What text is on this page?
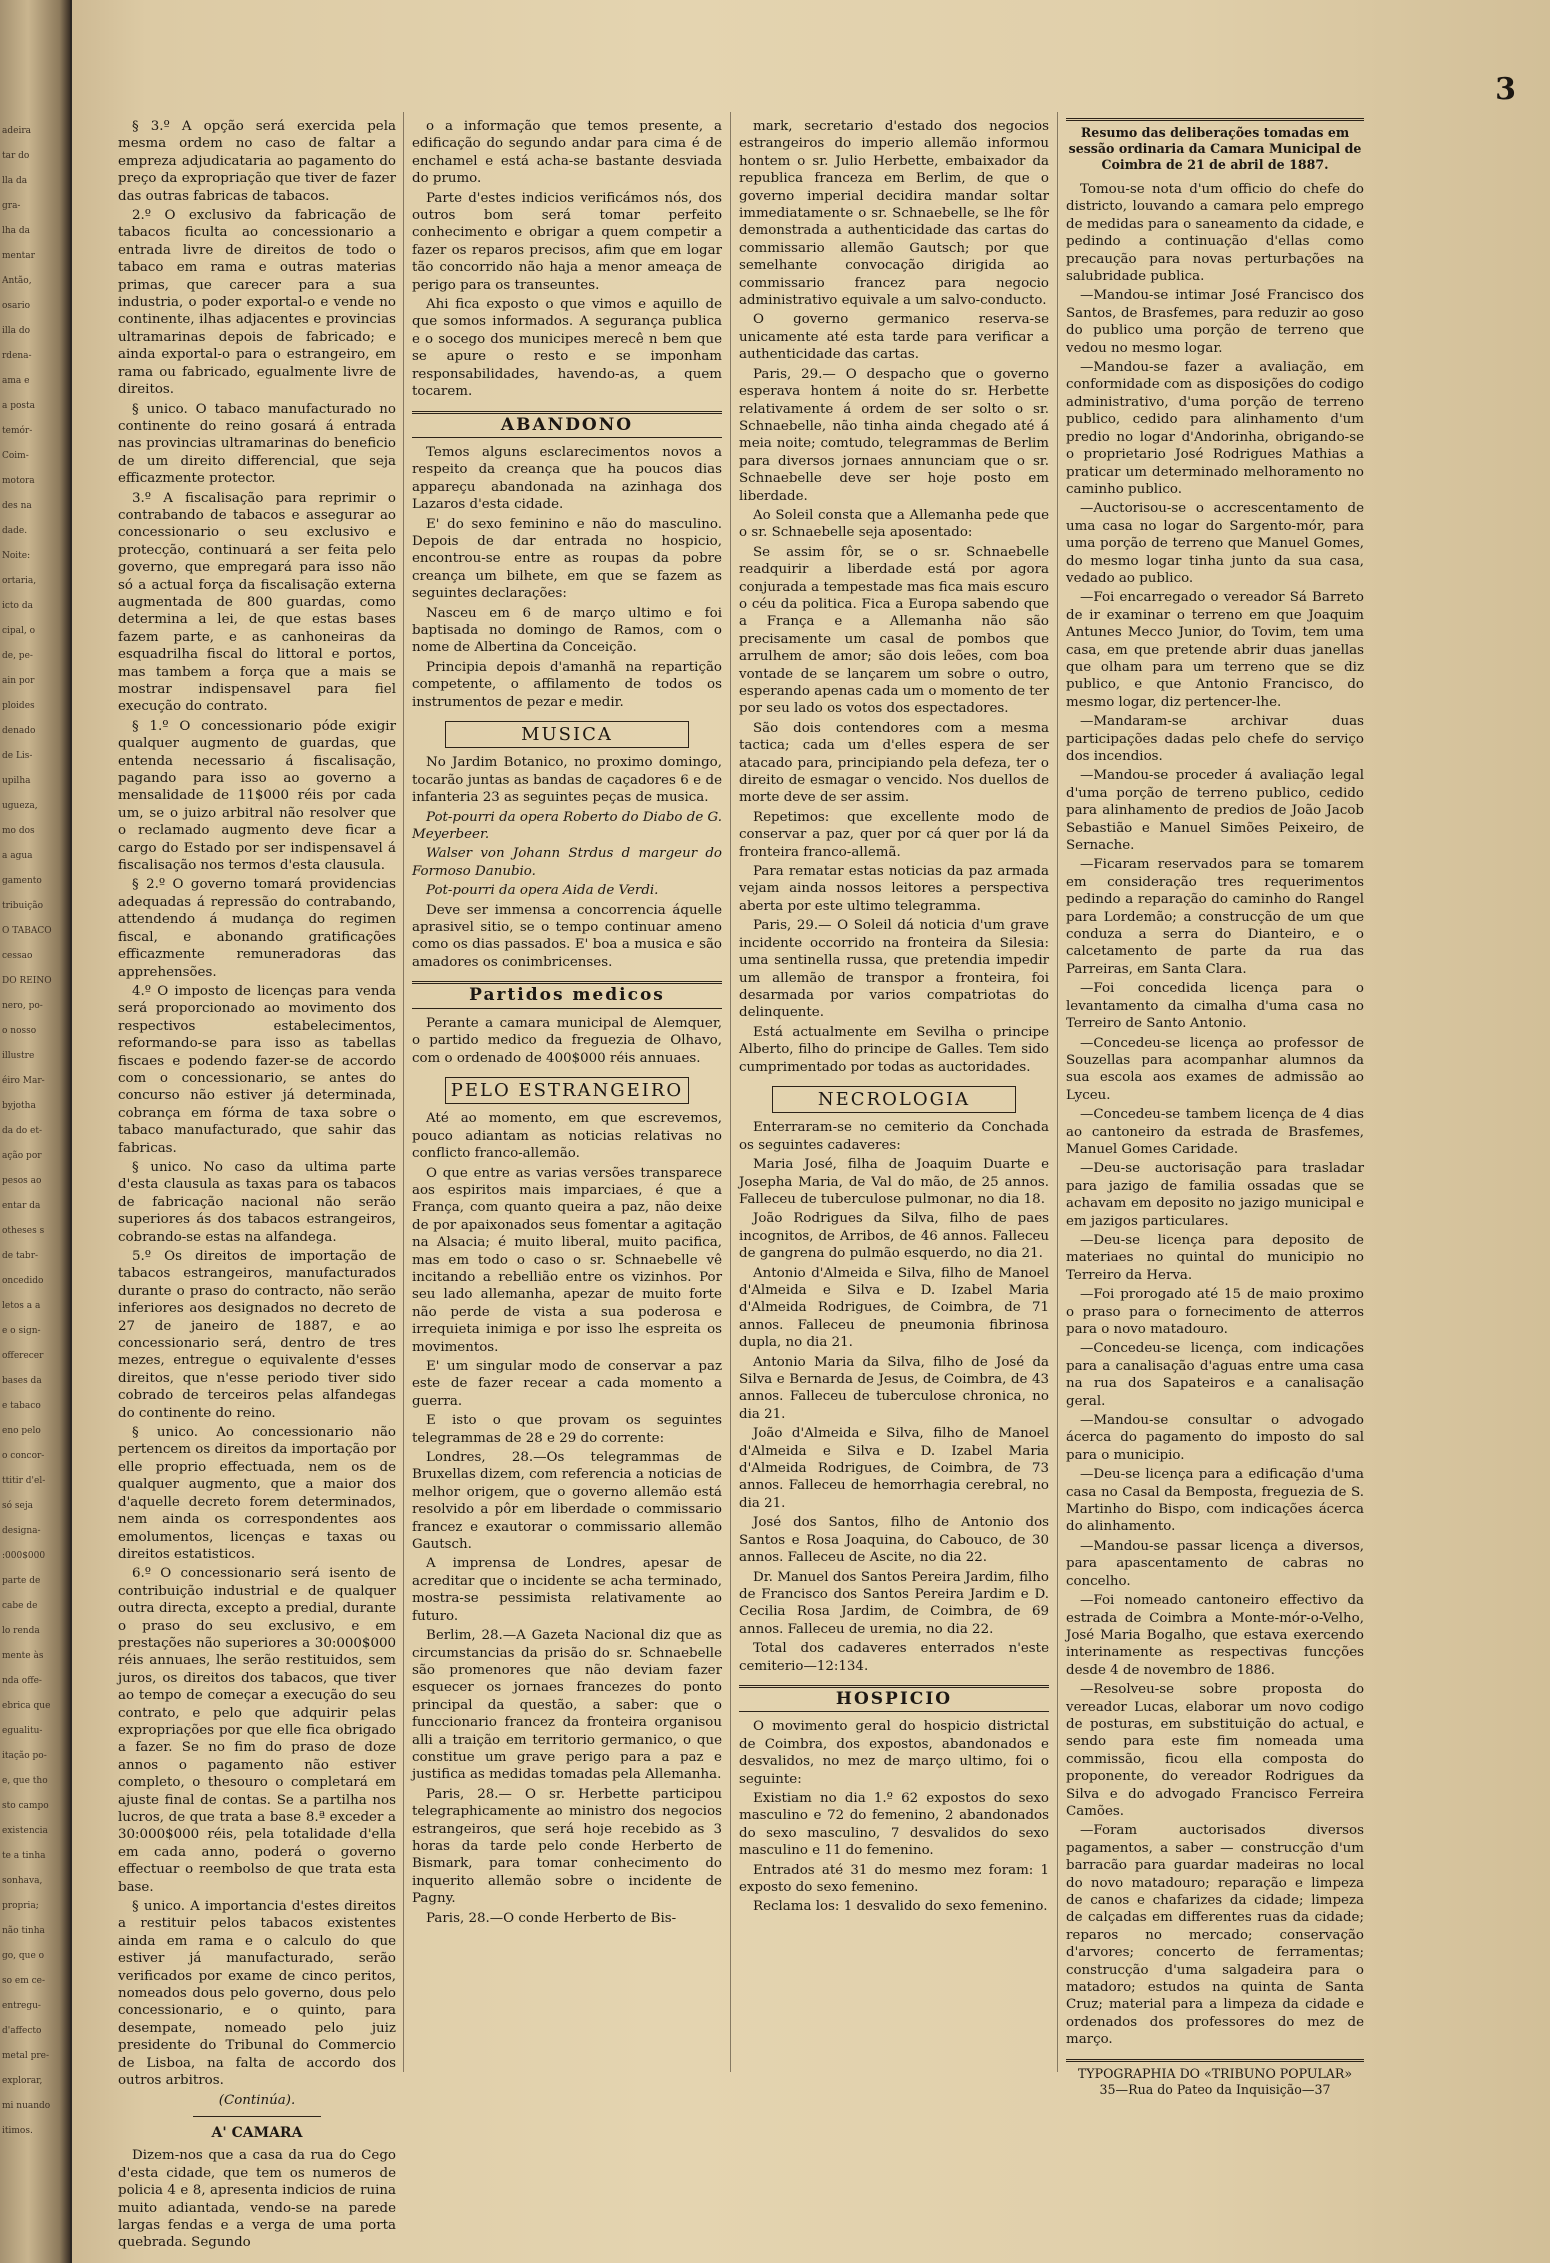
adeira
tar do
lla da
gra-
lha da
mentar
Antão,
osario
illa do
rdena-
ama e
a posta
temór-
Coim-
motora
des na
dade.
Noite:
ortaria,
icto da
cipal, o
de, pe-
ain por
ploides
denado
de Lis-
upilha
ugueza,
mo dos
a agua
gamento
tribuição
O TABACO
cessao
DO REINO
nero, po-
o nosso
illustre
éiro Mar-
byjotha
da do et-
ação por
pesos ao
entar da
otheses s
de tabr-
oncedido
letos a a
e o sign-
offerecer
bases da
e tabaco
eno pelo
o concor-
ttitir d'el-
só seja
designa-
:000$000
parte de
cabe de
lo renda
mente às
nda offe-
ebrica que
egualitu-
itação po-
e, que tho
sto campo
existencia
te a tinha
sonhava,
propria;
não tinha
go, que o
so em ce-
entregu-
d'affecto
metal pre-
explorar,
mi nuando
itimos.
3

§ 3.º A opção será exercida pela mesma ordem no caso de faltar a empreza adjudicataria ao pagamento do preço da expropriação que tiver de fazer das outras fabricas de tabacos.

2.º O exclusivo da fabricação de tabacos ficulta ao concessionario a entrada livre de direitos de todo o tabaco em rama e outras materias primas, que carecer para a sua industria, o poder exportal-o e vende no continente, ilhas adjacentes e provincias ultramarinas depois de fabricado; e ainda exportal-o para o estrangeiro, em rama ou fabricado, egualmente livre de direitos.

§ unico. O tabaco manufacturado no continente do reino gosará á entrada nas provincias ultramarinas do beneficio de um direito differencial, que seja efficazmente protector.

3.º A fiscalisação para reprimir o contrabando de tabacos e assegurar ao concessionario o seu exclusivo e protecção, continuará a ser feita pelo governo, que empregará para isso não só a actual força da fiscalisação externa augmentada de 800 guardas, como determina a lei, de que estas bases fazem parte, e as canhoneiras da esquadrilha fiscal do littoral e portos, mas tambem a força que a mais se mostrar indispensavel para fiel execução do contrato.

§ 1.º O concessionario póde exigir qualquer augmento de guardas, que entenda necessario á fiscalisação, pagando para isso ao governo a mensalidade de 11$000 réis por cada um, se o juizo arbitral não resolver que o reclamado augmento deve ficar a cargo do Estado por ser indispensavel á fiscalisação nos termos d'esta clausula.

§ 2.º O governo tomará providencias adequadas á repressão do contrabando, attendendo á mudança do regimen fiscal, e abonando gratificações efficazmente remuneradoras das apprehensões.

4.º O imposto de licenças para venda será proporcionado ao movimento dos respectivos estabelecimentos, reformando-se para isso as tabellas fiscaes e podendo fazer-se de accordo com o concessionario, se antes do concurso não estiver já determinada, cobrança em fórma de taxa sobre o tabaco manufacturado, que sahir das fabricas.

§ unico. No caso da ultima parte d'esta clausula as taxas para os tabacos de fabricação nacional não serão superiores ás dos tabacos estrangeiros, cobrando-se estas na alfandega.

5.º Os direitos de importação de tabacos estrangeiros, manufacturados durante o praso do contracto, não serão inferiores aos designados no decreto de 27 de janeiro de 1887, e ao concessionario será, dentro de tres mezes, entregue o equivalente d'esses direitos, que n'esse periodo tiver sido cobrado de terceiros pelas alfandegas do continente do reino.

§ unico. Ao concessionario não pertencem os direitos da importação por elle proprio effectuada, nem os de qualquer augmento, que a maior dos d'aquelle decreto forem determinados, nem ainda os correspondentes aos emolumentos, licenças e taxas ou direitos estatisticos.

6.º O concessionario será isento de contribuição industrial e de qualquer outra directa, excepto a predial, durante o praso do seu exclusivo, e em prestações não superiores a 30:000$000 réis annuaes, lhe serão restituidos, sem juros, os direitos dos tabacos, que tiver ao tempo de começar a execução do seu contrato, e pelo que adquirir pelas expropriações por que elle fica obrigado a fazer. Se no fim do praso de doze annos o pagamento não estiver completo, o thesouro o completará em ajuste final de contas. Se a partilha nos lucros, de que trata a base 8.ª exceder a 30:000$000 réis, pela totalidade d'ella em cada anno, poderá o governo effectuar o reembolso de que trata esta base.

§ unico. A importancia d'estes direitos a restituir pelos tabacos existentes ainda em rama e o calculo do que estiver já manufacturado, serão verificados por exame de cinco peritos, nomeados dous pelo governo, dous pelo concessionario, e o quinto, para desempate, nomeado pelo juiz presidente do Tribunal do Commercio de Lisboa, na falta de accordo dos outros arbitros.

(Continúa).

A' CAMARA

Dizem-nos que a casa da rua do Cego d'esta cidade, que tem os numeros de policia 4 e 8, apresenta indicios de ruina muito adiantada, vendo-se na parede largas fendas e a verga de uma porta quebrada. Segundo

o a informação que temos presente, a edificação do segundo andar para cima é de enchamel e está acha-se bastante desviada do prumo.

Parte d'estes indicios verificámos nós, dos outros bom será tomar perfeito conhecimento e obrigar a quem competir a fazer os reparos precisos, afim que em logar tão concorrido não haja a menor ameaça de perigo para os transeuntes.

Ahi fica exposto o que vimos e aquillo de que somos informados. A segurança publica e o socego dos municipes merecê n bem que se apure o resto e se imponham responsabilidades, havendo-as, a quem tocarem.

ABANDONO

Temos alguns esclarecimentos novos a respeito da creança que ha poucos dias appareçu abandonada na azinhaga dos Lazaros d'esta cidade.

E' do sexo feminino e não do masculino. Depois de dar entrada no hospicio, encontrou-se entre as roupas da pobre creança um bilhete, em que se fazem as seguintes declarações:

Nasceu em 6 de março ultimo e foi baptisada no domingo de Ramos, com o nome de Albertina da Conceição.

Principia depois d'amanhã na repartição competente, o affilamento de todos os instrumentos de pezar e medir.

MUSICA

No Jardim Botanico, no proximo domingo, tocarão juntas as bandas de caçadores 6 e de infanteria 23 as seguintes peças de musica.

Pot-pourri da opera Roberto do Diabo de G. Meyerbeer.

Walser von Johann Strdus d margeur do Formoso Danubio.

Pot-pourri da opera Aida de Verdi.

Deve ser immensa a concorrencia áquelle aprasivel sitio, se o tempo continuar ameno como os dias passados. E' boa a musica e são amadores os conimbricenses.

Partidos medicos

Perante a camara municipal de Alemquer, o partido medico da freguezia de Olhavo, com o ordenado de 400$000 réis annuaes.

PELO ESTRANGEIRO

Até ao momento, em que escrevemos, pouco adiantam as noticias relativas no conflicto franco-allemão.

O que entre as varias versões transparece aos espiritos mais imparciaes, é que a França, com quanto queira a paz, não deixe de por apaixonados seus fomentar a agitação na Alsacia; é muito liberal, muito pacifica, mas em todo o caso o sr. Schnaebelle vê incitando a rebellião entre os vizinhos. Por seu lado allemanha, apezar de muito forte não perde de vista a sua poderosa e irrequieta inimiga e por isso lhe espreita os movimentos.

E' um singular modo de conservar a paz este de fazer recear a cada momento a guerra.

E isto o que provam os seguintes telegrammas de 28 e 29 do corrente:

Londres, 28.—Os telegrammas de Bruxellas dizem, com referencia a noticias de melhor origem, que o governo allemão está resolvido a pôr em liberdade o commissario francez e exautorar o commissario allemão Gautsch.

A imprensa de Londres, apesar de acreditar que o incidente se acha terminado, mostra-se pessimista relativamente ao futuro.

Berlim, 28.—A Gazeta Nacional diz que as circumstancias da prisão do sr. Schnaebelle são promenores que não deviam fazer esquecer os jornaes francezes do ponto principal da questão, a saber: que o funccionario francez da fronteira organisou alli a traição em territorio germanico, o que constitue um grave perigo para a paz e justifica as medidas tomadas pela Allemanha.

Paris, 28.— O sr. Herbette participou telegraphicamente ao ministro dos negocios estrangeiros, que será hoje recebido as 3 horas da tarde pelo conde Herberto de Bismark, para tomar conhecimento do inquerito allemão sobre o incidente de Pagny.

Paris, 28.—O conde Herberto de Bis-

mark, secretario d'estado dos negocios estrangeiros do imperio allemão informou hontem o sr. Julio Herbette, embaixador da republica franceza em Berlim, de que o governo imperial decidira mandar soltar immediatamente o sr. Schnaebelle, se lhe fôr demonstrada a authenticidade das cartas do commissario allemão Gautsch; por que semelhante convocação dirigida ao commissario francez para negocio administrativo equivale a um salvo-conducto.

O governo germanico reserva-se unicamente até esta tarde para verificar a authenticidade das cartas.

Paris, 29.— O despacho que o governo esperava hontem á noite do sr. Herbette relativamente á ordem de ser solto o sr. Schnaebelle, não tinha ainda chegado até á meia noite; comtudo, telegrammas de Berlim para diversos jornaes annunciam que o sr. Schnaebelle deve ser hoje posto em liberdade.

Ao Soleil consta que a Allemanha pede que o sr. Schnaebelle seja aposentado:

Se assim fôr, se o sr. Schnaebelle readquirir a liberdade está por agora conjurada a tempestade mas fica mais escuro o céu da politica. Fica a Europa sabendo que a França e a Allemanha não são precisamente um casal de pombos que arrulhem de amor; são dois leões, com boa vontade de se lançarem um sobre o outro, esperando apenas cada um o momento de ter por seu lado os votos dos espectadores.

São dois contendores com a mesma tactica; cada um d'elles espera de ser atacado para, principiando pela defeza, ter o direito de esmagar o vencido. Nos duellos de morte deve de ser assim.

Repetimos: que excellente modo de conservar a paz, quer por cá quer por lá da fronteira franco-allemã.

Para rematar estas noticias da paz armada vejam ainda nossos leitores a perspectiva aberta por este ultimo telegramma.

Paris, 29.— O Soleil dá noticia d'um grave incidente occorrido na fronteira da Silesia: uma sentinella russa, que pretendia impedir um allemão de transpor a fronteira, foi desarmada por varios compatriotas do delinquente.

Está actualmente em Sevilha o principe Alberto, filho do principe de Galles. Tem sido cumprimentado por todas as auctoridades.

NECROLOGIA

Enterraram-se no cemiterio da Conchada os seguintes cadaveres:

Maria José, filha de Joaquim Duarte e Josepha Maria, de Val do mão, de 25 annos. Falleceu de tuberculose pulmonar, no dia 18.

João Rodrigues da Silva, filho de paes incognitos, de Arribos, de 46 annos. Falleceu de gangrena do pulmão esquerdo, no dia 21.

Antonio d'Almeida e Silva, filho de Manoel d'Almeida e Silva e D. Izabel Maria d'Almeida Rodrigues, de Coimbra, de 71 annos. Falleceu de pneumonia fibrinosa dupla, no dia 21.

Antonio Maria da Silva, filho de José da Silva e Bernarda de Jesus, de Coimbra, de 43 annos. Falleceu de tuberculose chronica, no dia 21.

João d'Almeida e Silva, filho de Manoel d'Almeida e Silva e D. Izabel Maria d'Almeida Rodrigues, de Coimbra, de 73 annos. Falleceu de hemorrhagia cerebral, no dia 21.

José dos Santos, filho de Antonio dos Santos e Rosa Joaquina, do Cabouco, de 30 annos. Falleceu de Ascite, no dia 22.

Dr. Manuel dos Santos Pereira Jardim, filho de Francisco dos Santos Pereira Jardim e D. Cecilia Rosa Jardim, de Coimbra, de 69 annos. Falleceu de uremia, no dia 22.

Total dos cadaveres enterrados n'este cemiterio—12:134.

HOSPICIO

O movimento geral do hospicio districtal de Coimbra, dos expostos, abandonados e desvalidos, no mez de março ultimo, foi o seguinte:

Existiam no dia 1.º 62 expostos do sexo masculino e 72 do femenino, 2 abandonados do sexo masculino, 7 desvalidos do sexo masculino e 11 do femenino.

Entrados até 31 do mesmo mez foram: 1 exposto do sexo femenino.

Reclama los: 1 desvalido do sexo femenino.

Resumo das deliberações tomadas em sessão ordinaria da Camara Municipal de Coimbra de 21 de abril de 1887.

Tomou-se nota d'um officio do chefe do districto, louvando a camara pelo emprego de medidas para o saneamento da cidade, e pedindo a continuação d'ellas como precaução para novas perturbações na salubridade publica.

—Mandou-se intimar José Francisco dos Santos, de Brasfemes, para reduzir ao goso do publico uma porção de terreno que vedou no mesmo logar.

—Mandou-se fazer a avaliação, em conformidade com as disposições do codigo administrativo, d'uma porção de terreno publico, cedido para alinhamento d'um predio no logar d'Andorinha, obrigando-se o proprietario José Rodrigues Mathias a praticar um determinado melhoramento no caminho publico.

—Auctorisou-se o accrescentamento de uma casa no logar do Sargento-mór, para uma porção de terreno que Manuel Gomes, do mesmo logar tinha junto da sua casa, vedado ao publico.

—Foi encarregado o vereador Sá Barreto de ir examinar o terreno em que Joaquim Antunes Mecco Junior, do Tovim, tem uma casa, em que pretende abrir duas janellas que olham para um terreno que se diz publico, e que Antonio Francisco, do mesmo logar, diz pertencer-lhe.

—Mandaram-se archivar duas participações dadas pelo chefe do serviço dos incendios.

—Mandou-se proceder á avaliação legal d'uma porção de terreno publico, cedido para alinhamento de predios de João Jacob Sebastião e Manuel Simões Peixeiro, de Sernache.

—Ficaram reservados para se tomarem em consideração tres requerimentos pedindo a reparação do caminho do Rangel para Lordemão; a construcção de um que conduza a serra do Dianteiro, e o calcetamento de parte da rua das Parreiras, em Santa Clara.

—Foi concedida licença para o levantamento da cimalha d'uma casa no Terreiro de Santo Antonio.

—Concedeu-se licença ao professor de Souzellas para acompanhar alumnos da sua escola aos exames de admissão ao Lyceu.

—Concedeu-se tambem licença de 4 dias ao cantoneiro da estrada de Brasfemes, Manuel Gomes Caridade.

—Deu-se auctorisação para trasladar para jazigo de familia ossadas que se achavam em deposito no jazigo municipal e em jazigos particulares.

—Deu-se licença para deposito de materiaes no quintal do municipio no Terreiro da Herva.

—Foi prorogado até 15 de maio proximo o praso para o fornecimento de atterros para o novo matadouro.

—Concedeu-se licença, com indicações para a canalisação d'aguas entre uma casa na rua dos Sapateiros e a canalisação geral.

—Mandou-se consultar o advogado ácerca do pagamento do imposto do sal para o municipio.

—Deu-se licença para a edificação d'uma casa no Casal da Bemposta, freguezia de S. Martinho do Bispo, com indicações ácerca do alinhamento.

—Mandou-se passar licença a diversos, para apascentamento de cabras no concelho.

—Foi nomeado cantoneiro effectivo da estrada de Coimbra a Monte-mór-o-Velho, José Maria Bogalho, que estava exercendo interinamente as respectivas funcções desde 4 de novembro de 1886.

—Resolveu-se sobre proposta do vereador Lucas, elaborar um novo codigo de posturas, em substituição do actual, e sendo para este fim nomeada uma commissão, ficou ella composta do proponente, do vereador Rodrigues da Silva e do advogado Francisco Ferreira Camões.

—Foram auctorisados diversos pagamentos, a saber — construcção d'um barracão para guardar madeiras no local do novo matadouro; reparação e limpeza de canos e chafarizes da cidade; limpeza de calçadas em differentes ruas da cidade; reparos no mercado; conservação d'arvores; concerto de ferramentas; construcção d'uma salgadeira para o matadoro; estudos na quinta de Santa Cruz; material para a limpeza da cidade e ordenados dos professores do mez de março.

TYPOGRAPHIA DO «TRIBUNO POPULAR»
35—Rua do Pateo da Inquisição—37
